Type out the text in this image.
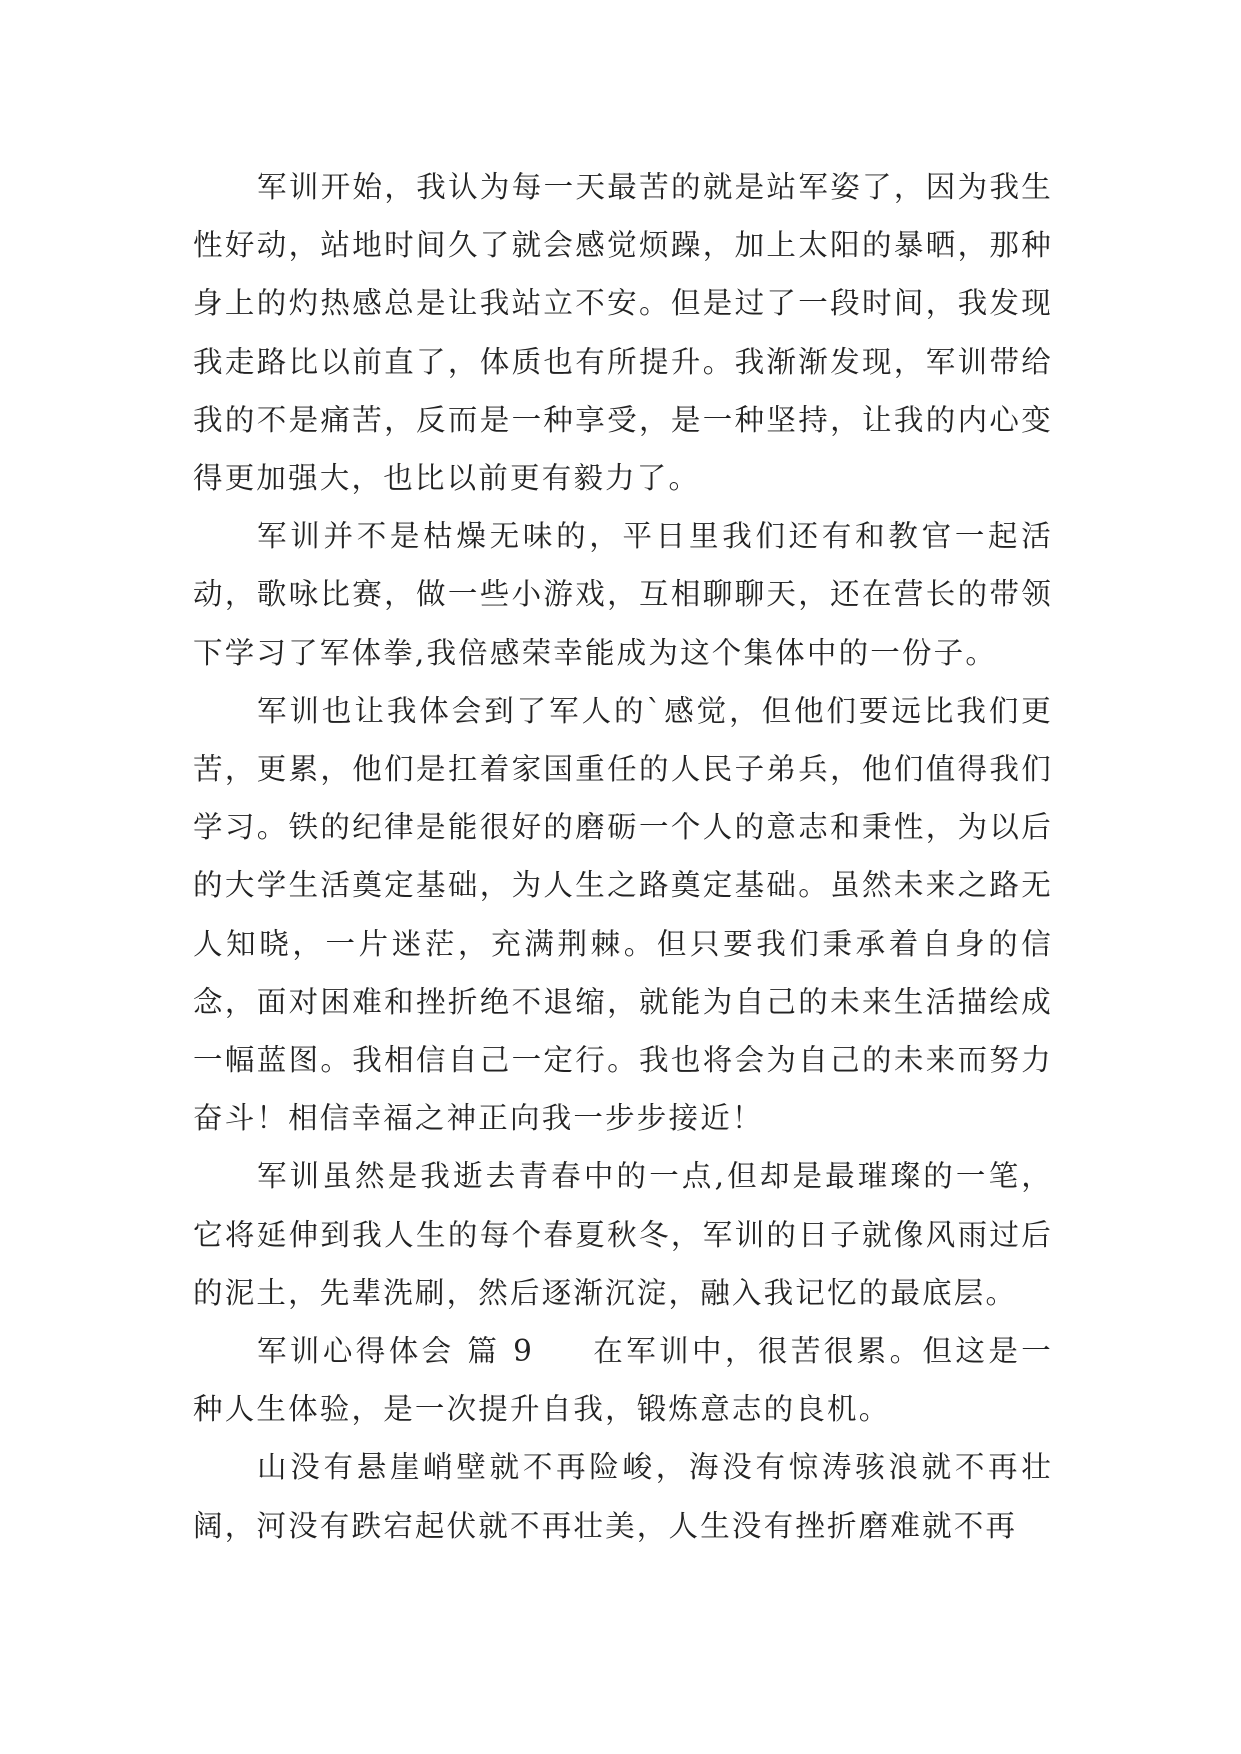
军训开始，我认为每一天最苦的就是站军姿了，因为我生性好动，站地时间久了就会感觉烦躁，加上太阳的暴晒，那种身上的灼热感总是让我站立不安。但是过了一段时间，我发现我走路比以前直了，体质也有所提升。我渐渐发现，军训带给我的不是痛苦，反而是一种享受，是一种坚持，让我的内心变得更加强大，也比以前更有毅力了。

军训并不是枯燥无味的，平日里我们还有和教官一起活动，歌咏比赛，做一些小游戏，互相聊聊天，还在营长的带领下学习了军体拳,我倍感荣幸能成为这个集体中的一份子。

军训也让我体会到了军人的`感觉，但他们要远比我们更苦，更累，他们是扛着家国重任的人民子弟兵，他们值得我们学习。铁的纪律是能很好的磨砺一个人的意志和秉性，为以后的大学生活奠定基础，为人生之路奠定基础。虽然未来之路无人知晓，一片迷茫，充满荆棘。但只要我们秉承着自身的信念，面对困难和挫折绝不退缩，就能为自己的未来生活描绘成一幅蓝图。我相信自己一定行。我也将会为自己的未来而努力奋斗！相信幸福之神正向我一步步接近！

军训虽然是我逝去青春中的一点,但却是最璀璨的一笔，它将延伸到我人生的每个春夏秋冬，军训的日子就像风雨过后的泥土，先辈洗刷，然后逐渐沉淀，融入我记忆的最底层。

军训心得体会 篇 9 在军训中，很苦很累。但这是一种人生体验，是一次提升自我，锻炼意志的良机。

山没有悬崖峭壁就不再险峻，海没有惊涛骇浪就不再壮阔，河没有跌宕起伏就不再壮美，人生没有挫折磨难就不再
